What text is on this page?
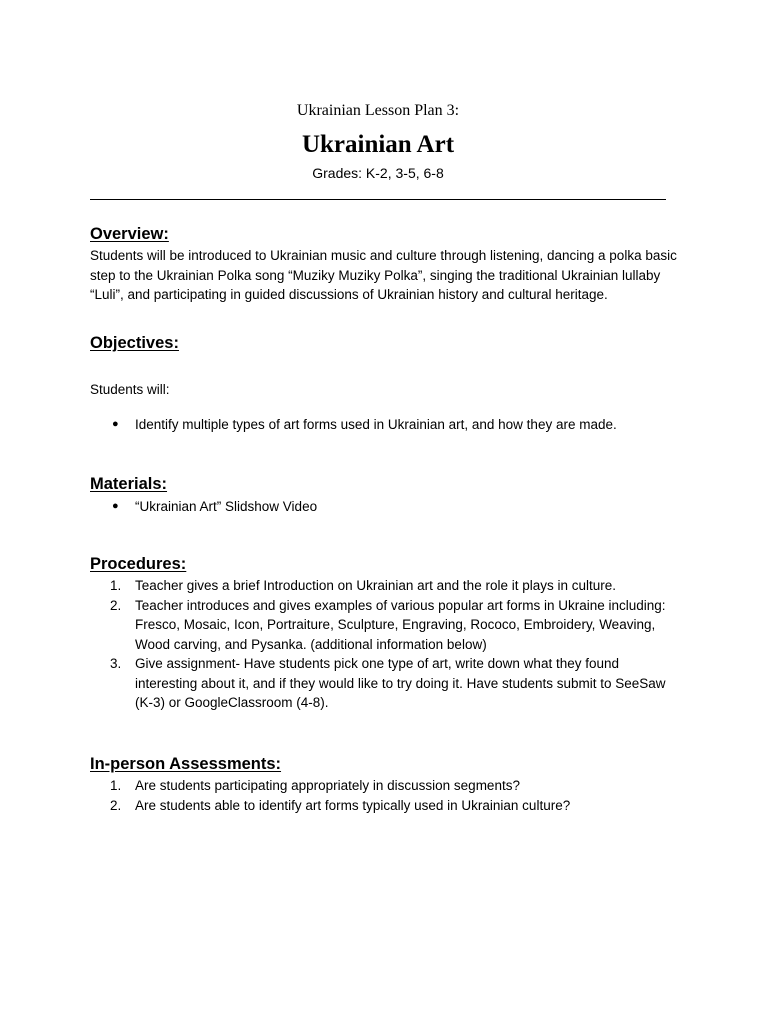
Ukrainian Lesson Plan 3:
Ukrainian Art
Grades: K-2, 3-5, 6-8
Overview:

Students will be introduced to Ukrainian music and culture through listening, dancing a polka basic step to the Ukrainian Polka song “Muziky Muziky Polka”, singing the traditional Ukrainian lullaby “Luli”, and participating in guided discussions of Ukrainian history and cultural heritage.

Objectives:

Students will:

● Identify multiple types of art forms used in Ukrainian art, and how they are made.
Materials:
● “Ukrainian Art” Slidshow Video
Procedures:
1.	Teacher gives a brief Introduction on Ukrainian art and the role it plays in culture.
2.	Teacher introduces and gives examples of various popular art forms in Ukraine including: Fresco, Mosaic, Icon, Portraiture, Sculpture, Engraving, Rococo, Embroidery, Weaving, Wood carving, and Pysanka. (additional information below)
3.	Give assignment- Have students pick one type of art, write down what they found interesting about it, and if they would like to try doing it. Have students submit to SeeSaw (K-3) or GoogleClassroom (4-8).
In-person Assessments:
1.	Are students participating appropriately in discussion segments?
2.	Are students able to identify art forms typically used in Ukrainian culture?
